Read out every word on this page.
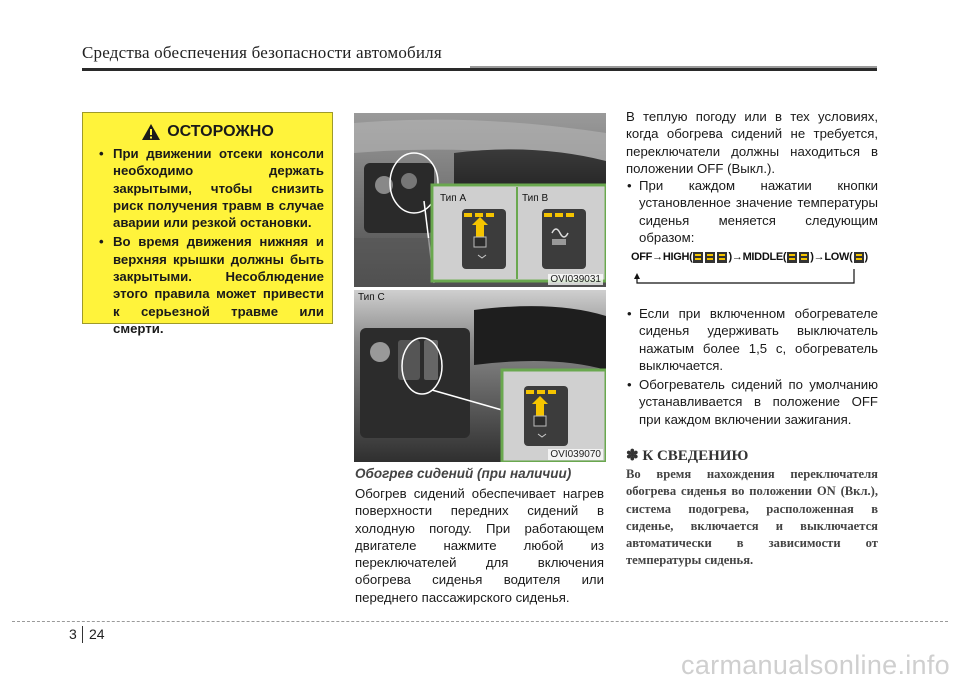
Средства обеспечения безопасности автомобиля
ОСТОРОЖНО
• При движении отсеки консоли необходимо держать закрытыми, чтобы снизить риск получения травм в случае аварии или резкой остановки.
• Во время движения нижняя и верхняя крышки должны быть закрытыми. Несоблюдение этого правила может привести к серьезной травме или смерти.
Тип A	Тип B
OVI039031
Тип C
OVI039070
Обогрев сидений (при наличии)
Обогрев сидений обеспечивает нагрев поверхности передних сидений в холодную погоду. При работающем двигателе нажмите любой из переключателей для включения обогрева сиденья водителя или переднего пассажирского сиденья.

В теплую погоду или в тех условиях, когда обогрева сидений не требуется, переключатели должны находиться в положении OFF (Выкл.).

• При каждом нажатии кнопки установленное значение температуры сиденья меняется следующим образом:
OFF → HIGH(	) → MIDDLE( ) → LOW( )
• Если при включенном обогревателе сиденья удерживать выключатель нажатым более 1,5 с, обогреватель выключается.
• Обогреватель сидений по умолчанию устанавливается в положение OFF при каждом включении зажигания.
✽ К СВЕДЕНИЮ
Во время нахождения переключателя обогрева сиденья во положении ON (Вкл.), система подогрева, расположенная в сиденье, включается и выключается автоматически в зависимости от температуры сиденья.
3 24
carmanualsonline.info
